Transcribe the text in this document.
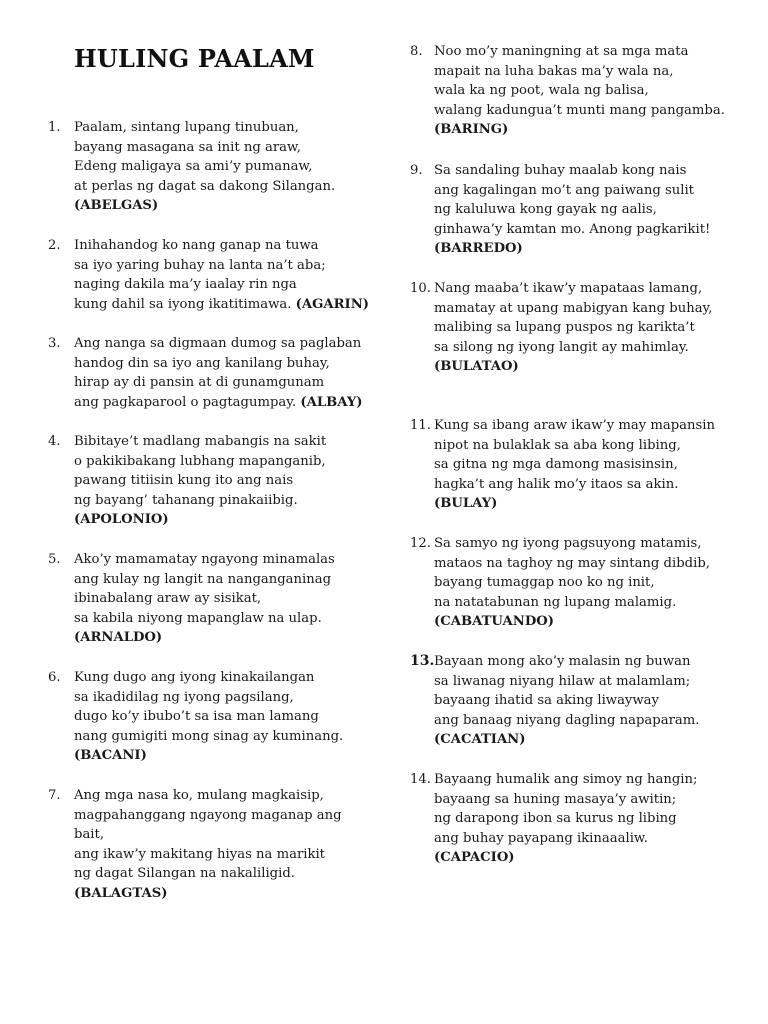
HULING PAALAM
1. Paalam, sintang lupang tinubuan,
bayang masagana sa init ng araw,
Edeng maligaya sa ami’y pumanaw,
at perlas ng dagat sa dakong Silangan.
(ABELGAS)
2. Inihahandog ko nang ganap na tuwa
sa iyo yaring buhay na lanta na’t aba;
naging dakila ma’y iaalay rin nga
kung dahil sa iyong ikatitimawa. (AGARIN)
3. Ang nanga sa digmaan dumog sa paglaban
handog din sa iyo ang kanilang buhay,
hirap ay di pansin at di gunamgunam
ang pagkaparool o pagtagumpay. (ALBAY)
4. Bibitaye’t madlang mabangis na sakit
o pakikibakang lubhang mapanganib,
pawang titiisin kung ito ang nais
ng bayang’ tahanang pinakaiibig.
(APOLONIO)
5. Ako’y mamamatay ngayong minamalas
ang kulay ng langit na nanganganinag
ibinabalang araw ay sisikat,
sa kabila niyong mapanglaw na ulap.
(ARNALDO)
6. Kung dugo ang iyong kinakailangan
sa ikadidilag ng iyong pagsilang,
dugo ko’y ibubo’t sa isa man lamang
nang gumigiti mong sinag ay kuminang.
(BACANI)
7. Ang mga nasa ko, mulang magkaisip,
magpahanggang ngayong maganap ang
bait,
ang ikaw’y makitang hiyas na marikit
ng dagat Silangan na nakaliligid.
(BALAGTAS)
8. Noo mo’y maningning at sa mga mata
mapait na luha bakas ma’y wala na,
wala ka ng poot, wala ng balisa,
walang kadungua’t munti mang pangamba.
(BARING)
9. Sa sandaling buhay maalab kong nais
ang kagalingan mo’t ang paiwang sulit
ng kaluluwa kong gayak ng aalis,
ginhawa’y kamtan mo. Anong pagkarikit!
(BARREDO)
10. Nang maaba’t ikaw’y mapataas lamang,
mamatay at upang mabigyan kang buhay,
malibing sa lupang puspos ng karikta’t
sa silong ng iyong langit ay mahimlay.
(BULATAO)
11. Kung sa ibang araw ikaw’y may mapansin
nipot na bulaklak sa aba kong libing,
sa gitna ng mga damong masisinsin,
hagka’t ang halik mo’y itaos sa akin.
(BULAY)
12. Sa samyo ng iyong pagsuyong matamis,
mataos na taghoy ng may sintang dibdib,
bayang tumaggap noo ko ng init,
na natatabunan ng lupang malamig.
(CABATUANDO)
13. Bayaan mong ako’y malasin ng buwan
sa liwanag niyang hilaw at malamlam;
bayaang ihatid sa aking liwayway
ang banaag niyang dagling napaparam.
(CACATIAN)
14. Bayaang humalik ang simoy ng hangin;
bayaang sa huning masaya’y awitin;
ng darapong ibon sa kurus ng libing
ang buhay payapang ikinaaaliw.
(CAPACIO)
